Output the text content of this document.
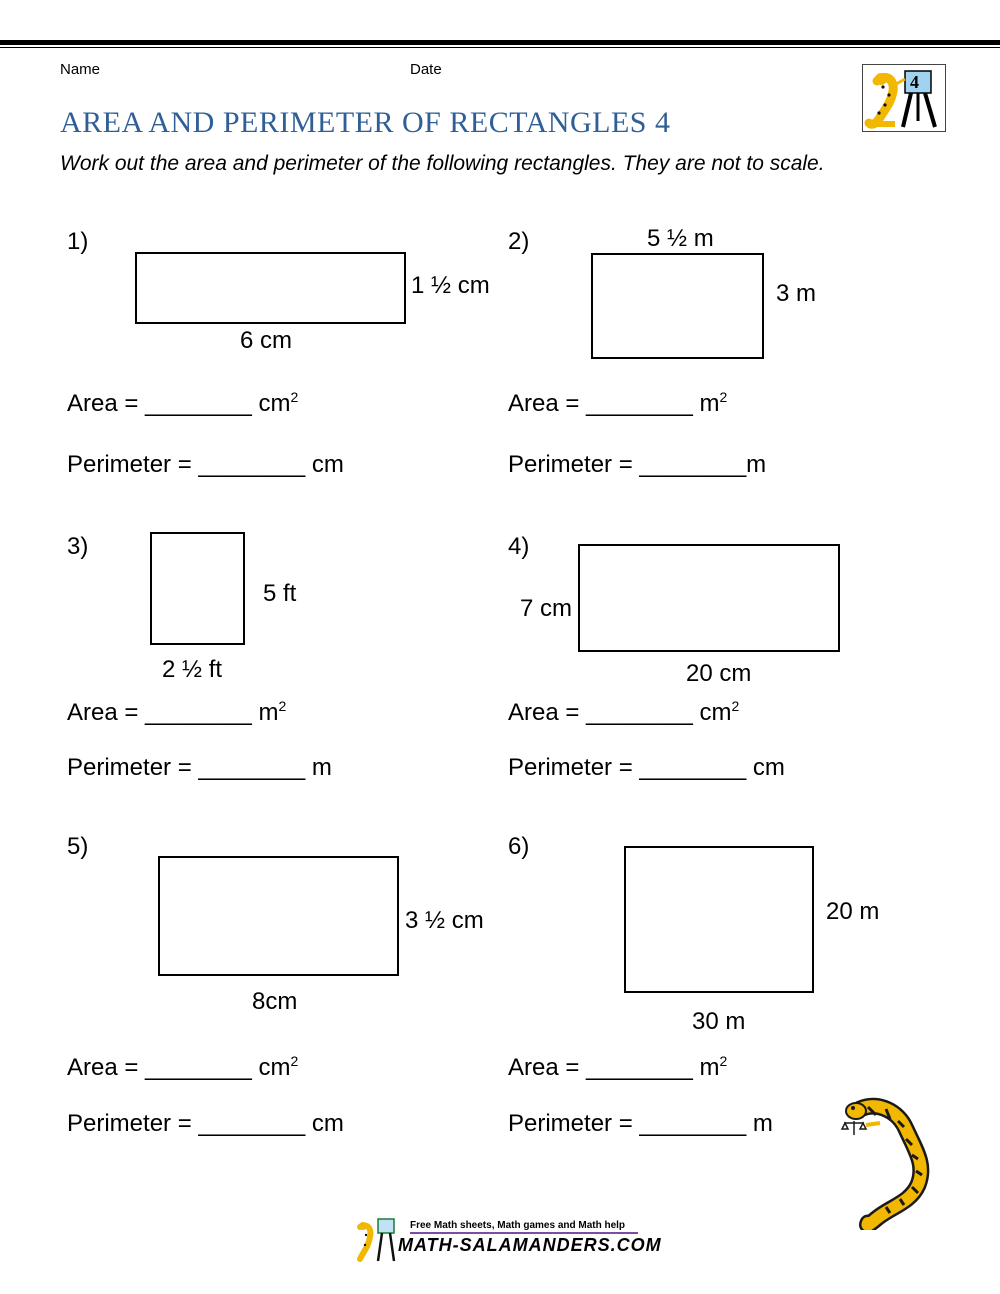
Name	Date
4
AREA AND PERIMETER OF RECTANGLES 4
Work out the area and perimeter of the following rectangles. They are not to scale.
1)
1 ½ cm
6 cm
Area = ________ $cm^2$
Perimeter = ________ cm
2)	5 ½ m
3 m
Area = ________ $m^2$
Perimeter = ________m
3)
5 ft
2 ½ ft
Area = ________ $m^2$
Perimeter = ________ m
4)
7 cm
20 cm
Area = ________ $cm^2$
Perimeter = ________ cm
5)
3 ½ cm
8cm
Area = ________ $cm^2$
Perimeter = ________ cm
6)
20 m
30 m
Area = ________ $m^2$
Perimeter = ________ m
Free Math sheets, Math games and Math help
MATH-SALAMANDERS.COM
